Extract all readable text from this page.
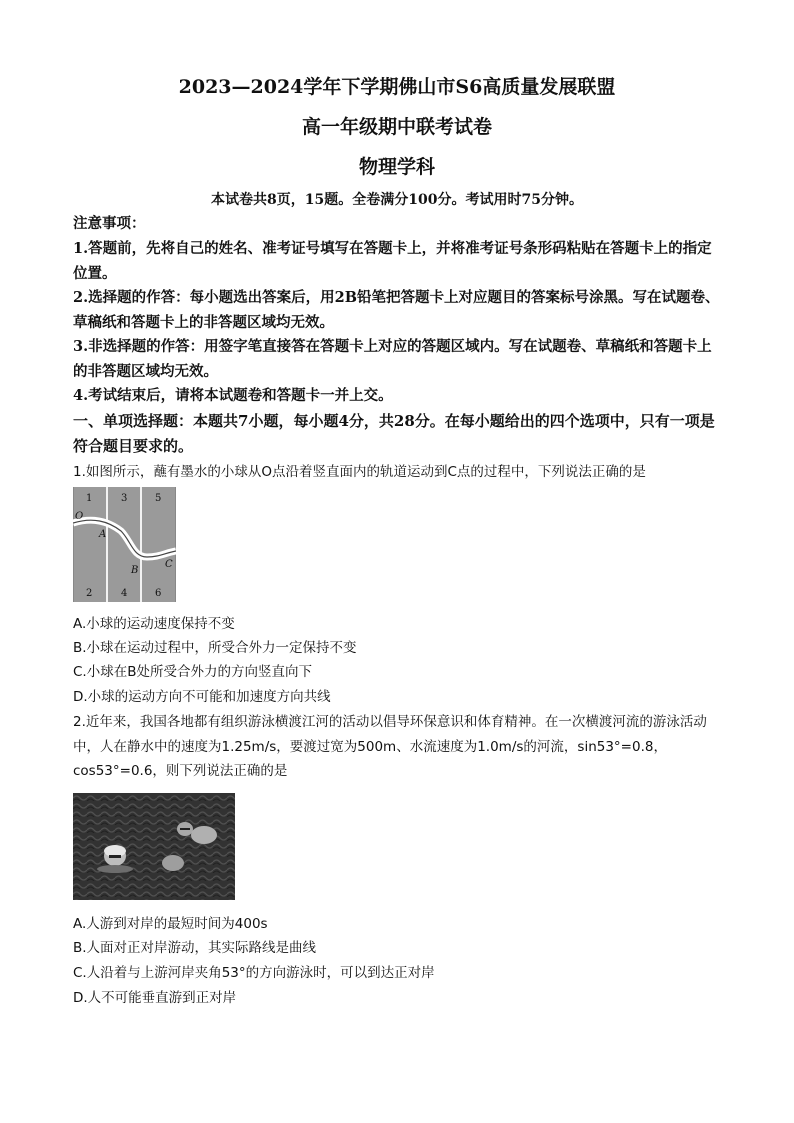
2023—2024学年下学期佛山市S6高质量发展联盟
高一年级期中联考试卷
物理学科
本试卷共8页，15题。全卷满分100分。考试用时75分钟。
注意事项：
1.答题前，先将自己的姓名、准考证号填写在答题卡上，并将准考证号条形码粘贴在答题卡上的指定位置。
2.选择题的作答：每小题选出答案后，用2B铅笔把答题卡上对应题目的答案标号涂黑。写在试题卷、草稿纸和答题卡上的非答题区域均无效。
3.非选择题的作答：用签字笔直接答在答题卡上对应的答题区域内。写在试题卷、草稿纸和答题卡上的非答题区域均无效。
4.考试结束后，请将本试题卷和答题卡一并上交。
一、单项选择题：本题共7小题，每小题4分，共28分。在每小题给出的四个选项中，只有一项是符合题目要求的。
1.如图所示，蘸有墨水的小球从O点沿着竖直面内的轨道运动到C点的过程中，下列说法正确的是
1	3	5
2	4	6
O
A
B
C
A.小球的运动速度保持不变
B.小球在运动过程中，所受合外力一定保持不变
C.小球在B处所受合外力的方向竖直向下
D.小球的运动方向不可能和加速度方向共线
2.近年来，我国各地都有组织游泳横渡江河的活动以倡导环保意识和体育精神。在一次横渡河流的游泳活动中，人在静水中的速度为1.25m/s，要渡过宽为500m、水流速度为1.0m/s的河流，sin53°=0.8，cos53°=0.6，则下列说法正确的是
A.人游到对岸的最短时间为400s
B.人面对正对岸游动，其实际路线是曲线
C.人沿着与上游河岸夹角53°的方向游泳时，可以到达正对岸
D.人不可能垂直游到正对岸
